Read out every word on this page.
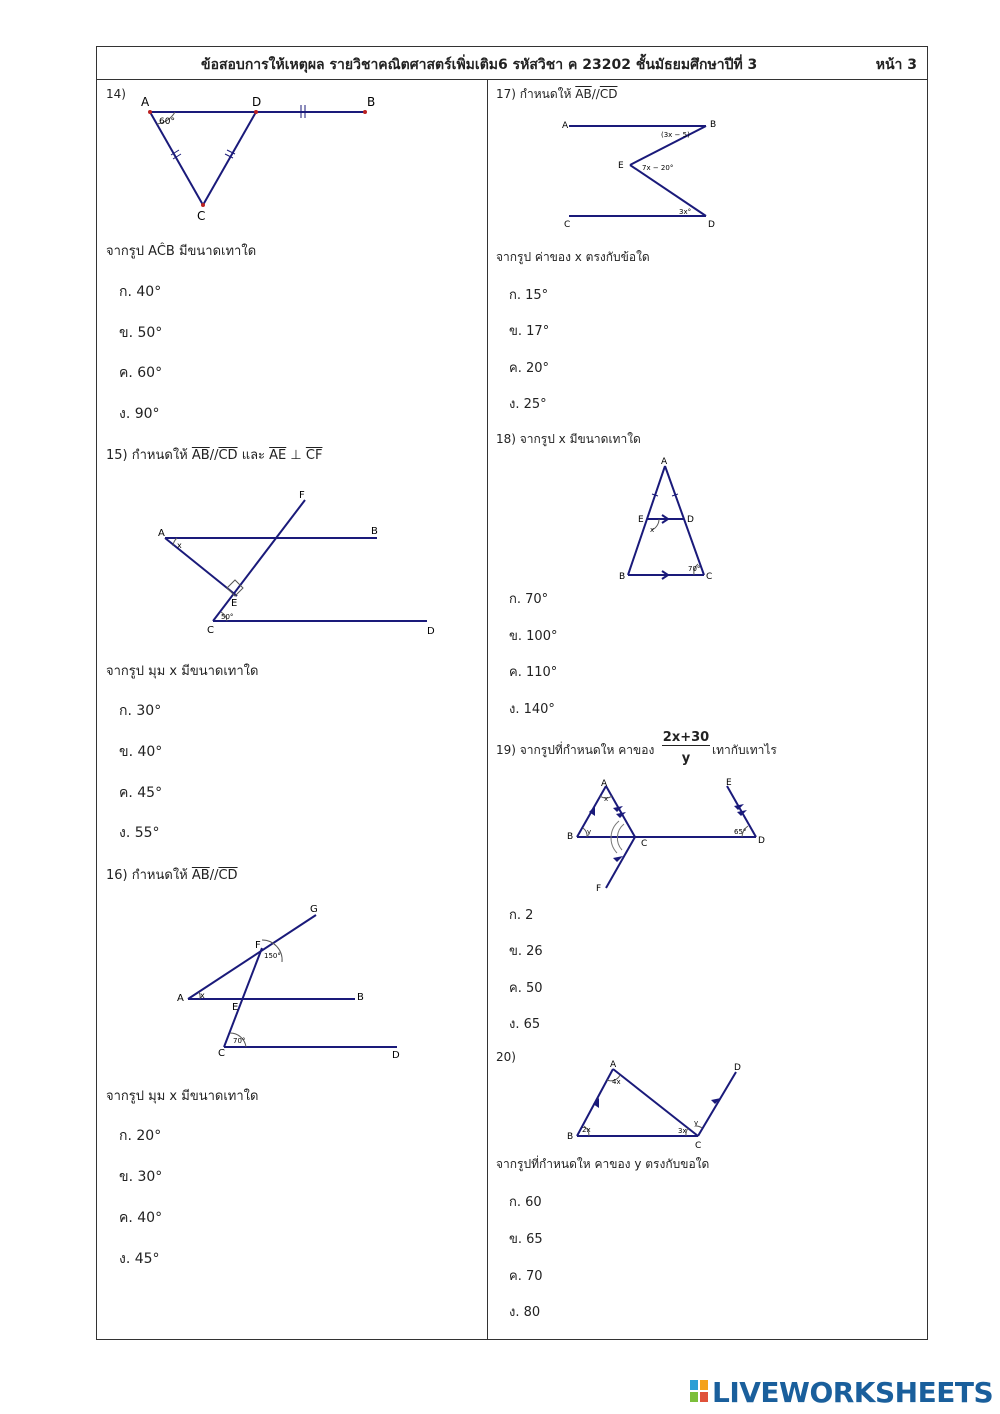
ข้อสอบการให้เหตุผล รายวิชาคณิตศาสตร์เพิ่มเติม6 รหัสวิชา ค 23202 ชั้นมัธยมศึกษาปีที่ 3	หน้า 3
14)
A	D	B
C
60°
จากรูป AĈB มีขนาดเทาใด
ก. 40°
ข. 50°
ค. 60°
ง. 90°
15) กำหนดให้ $\overline{AB}//\overline{CD}$ และ $\overline{AE}$ ⊥ $\overline{CF}$
A	B
F
E
C	D
x
50°
จากรูป มุม x มีขนาดเทาใด
ก. 30°
ข. 40°
ค. 45°
ง. 55°
16) กำหนดให้ $\overline{AB}//\overline{CD}$
G
F
A
E
B
C	D
x
150°
70°
จากรูป มุม x มีขนาดเทาใด
ก. 20°
ข. 30°
ค. 40°
ง. 45°
17) กำหนดให้ $\overline{AB}//\overline{CD}$
A	B
E
C	D
(3x − 5)
7x − 20°
3x°
จากรูป ค่าของ x ตรงกับข้อใด
ก. 15°
ข. 17°
ค. 20°
ง. 25°
18) จากรูป x มีขนาดเทาใด
A
E	D
B	C
x
70°
ก. 70°
ข. 100°
ค. 110°
ง. 140°
19) จากรูปที่กำหนดให คาของ
2x+30
y
เทากับเทาไร
A
B
C	D
E
F
x
y	65°
ก. 2
ข. 26
ค. 50
ง. 65
20)
A
B
C
D
4x
2x	3x
y
จากรูปที่กำหนดให คาของ y ตรงกับขอใด
ก. 60
ข. 65
ค. 70
ง. 80
LIVEWORKSHEETS
